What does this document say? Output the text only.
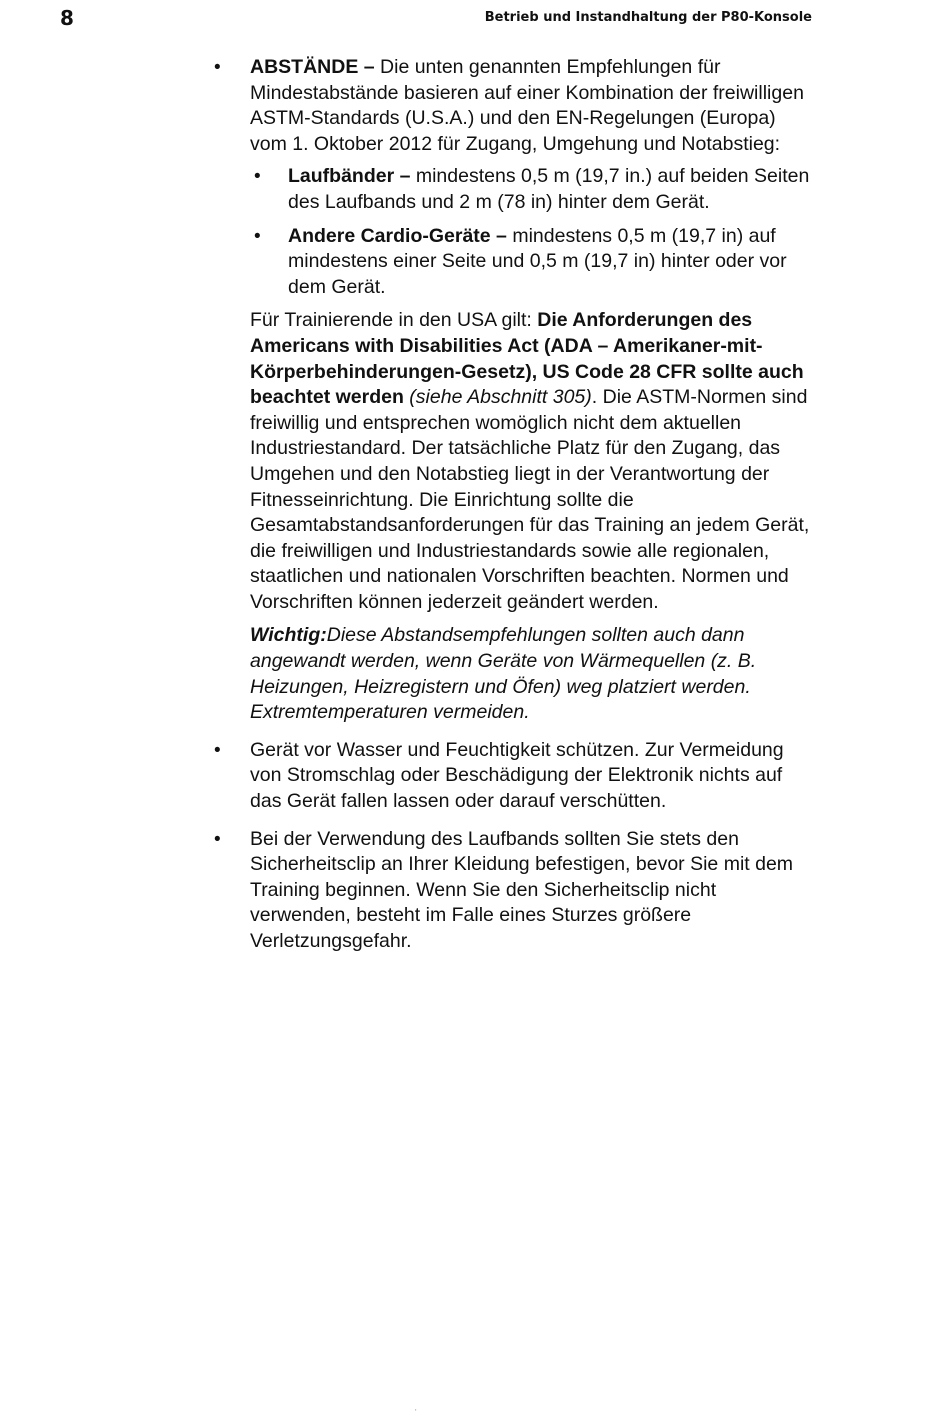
8	Betrieb und Instandhaltung der P80-Konsole
• ABSTÄNDE – Die unten genannten Empfehlungen für Mindestabstände basieren auf einer Kombination der freiwilligen ASTM-Standards (U.S.A.) und den EN-Regelungen (Europa) vom 1. Oktober 2012 für Zugang, Umgehung und Notabstieg:

• Laufbänder – mindestens 0,5 m (19,7 in.) auf beiden Seiten des Laufbands und 2 m (78 in) hinter dem Gerät.

• Andere Cardio-Geräte – mindestens 0,5 m (19,7 in) auf mindestens einer Seite und 0,5 m (19,7 in) hinter oder vor dem Gerät.

Für Trainierende in den USA gilt: Die Anforderungen des Americans with Disabilities Act (ADA – Amerikaner-mit-Körperbehinderungen-Gesetz), US Code 28 CFR sollte auch beachtet werden (siehe Abschnitt 305). Die ASTM-Normen sind freiwillig und entsprechen womöglich nicht dem aktuellen Industriestandard. Der tatsächliche Platz für den Zugang, das Umgehen und den Notabstieg liegt in der Verantwortung der Fitnesseinrichtung. Die Einrichtung sollte die Gesamtabstandsanforderungen für das Training an jedem Gerät, die freiwilligen und Industriestandards sowie alle regionalen, staatlichen und nationalen Vorschriften beachten. Normen und Vorschriften können jederzeit geändert werden.

Wichtig:Diese Abstandsempfehlungen sollten auch dann angewandt werden, wenn Geräte von Wärmequellen (z. B. Heizungen, Heizregistern und Öfen) weg platziert werden. Extremtemperaturen vermeiden.

• Gerät vor Wasser und Feuchtigkeit schützen. Zur Vermeidung von Stromschlag oder Beschädigung der Elektronik nichts auf das Gerät fallen lassen oder darauf verschütten.

• Bei der Verwendung des Laufbands sollten Sie stets den Sicherheitsclip an Ihrer Kleidung befestigen, bevor Sie mit dem Training beginnen. Wenn Sie den Sicherheitsclip nicht verwenden, besteht im Falle eines Sturzes größere Verletzungsgefahr.

'
